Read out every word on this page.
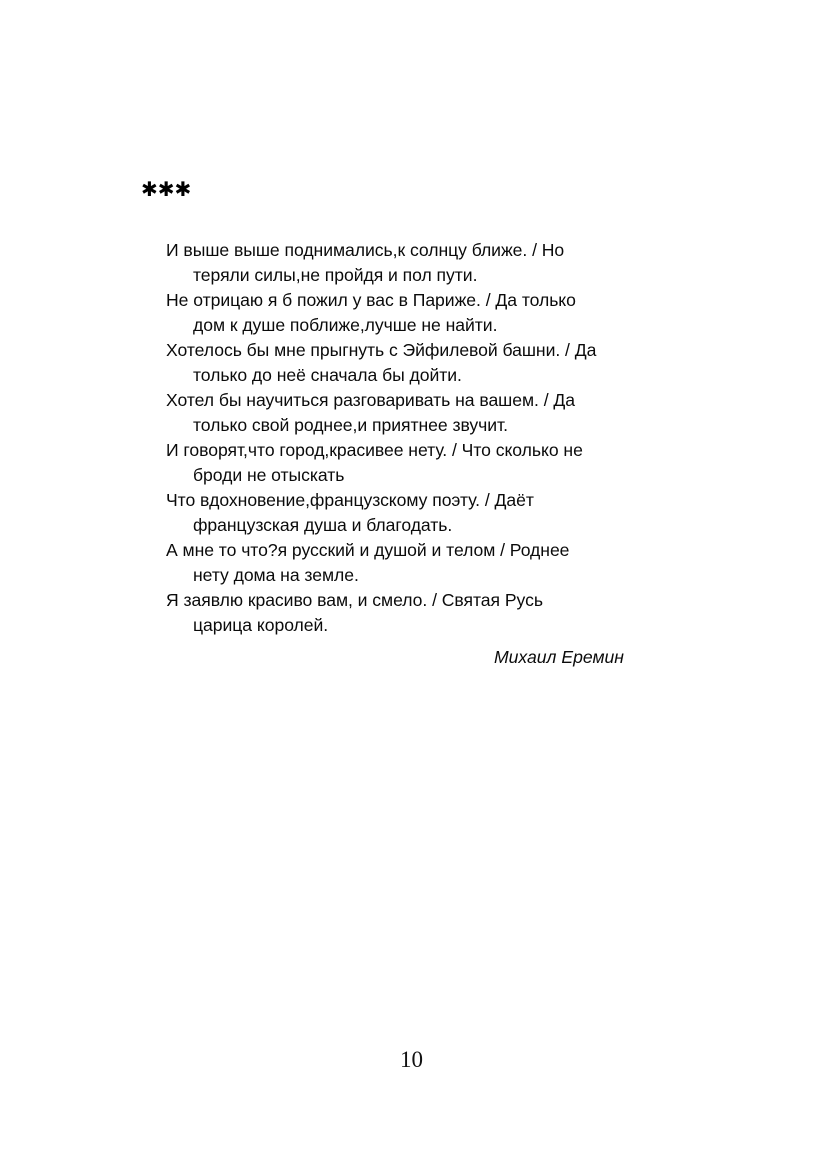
✱✱✱
И выше выше поднимались,к солнцу ближе. / Но
теряли силы,не пройдя и пол пути.
Не отрицаю я б пожил у вас в Париже. / Да только
дом к душе поближе,лучше не найти.
Хотелось бы мне прыгнуть с Эйфилевой башни. / Да
только до неё сначала бы дойти.
Хотел бы научиться разговаривать на вашем. / Да
только свой роднее,и приятнее звучит.
И говорят,что город,красивее нету. / Что сколько не
броди не отыскать
Что вдохновение,французскому поэту. / Даёт
французская душа и благодать.
А мне то что?я русский и душой и телом / Роднее
нету дома на земле.
Я заявлю красиво вам, и смело. / Святая Русь
царица королей.
Михаил Еремин
10
